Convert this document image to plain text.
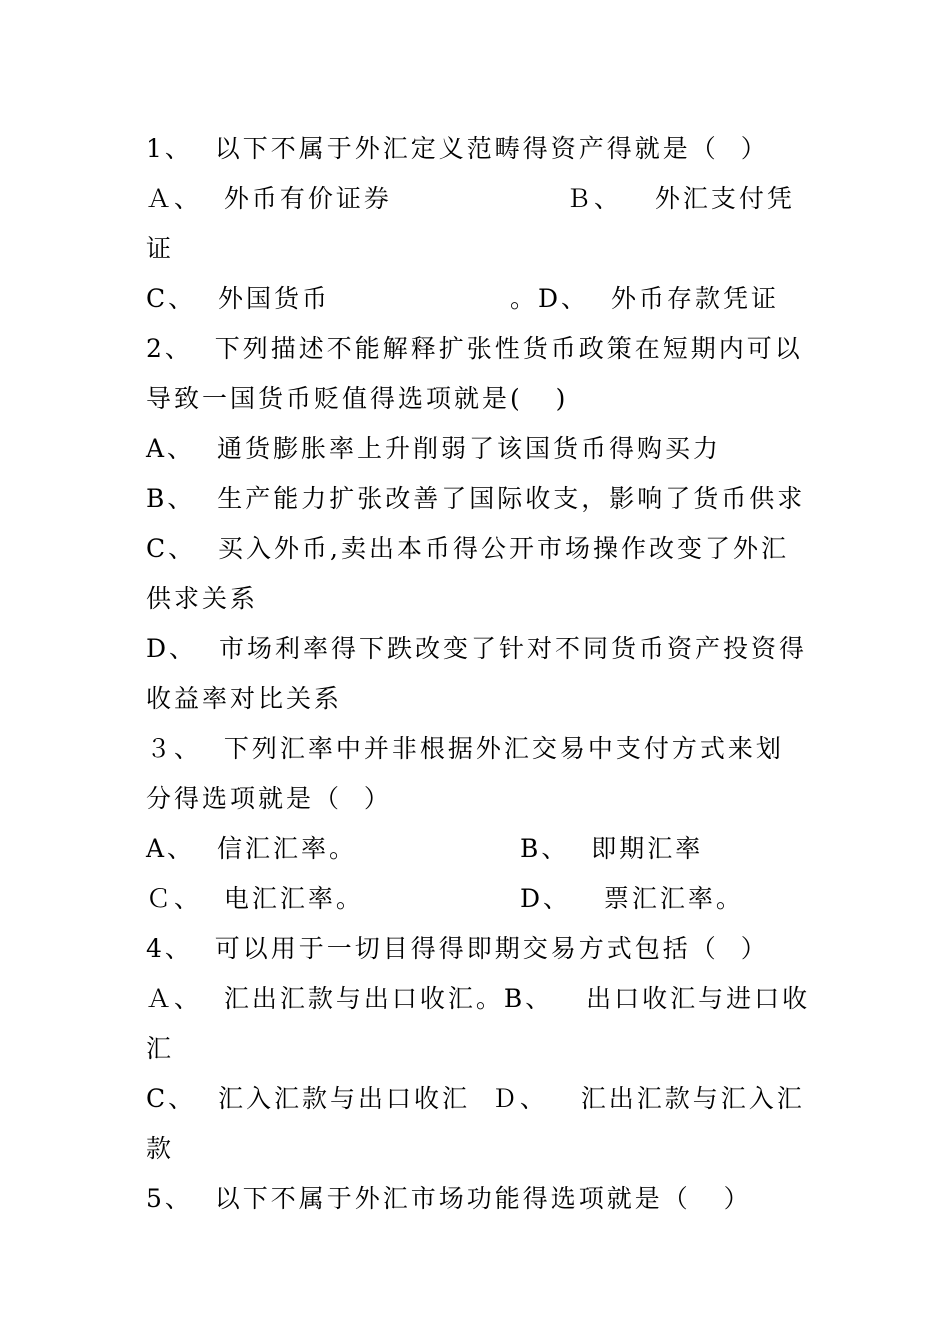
1、  以下不属于外汇定义范畴得资产得就是（  ）

Ａ、  外币有价证券

	Ｂ、   外汇支付凭

证

C、  外国货币

	。D、  外币存款凭证

2、  下列描述不能解释扩张性货币政策在短期内可以
导致一国货币贬值得选项就是(   )
A、  通货膨胀率上升削弱了该国货币得购买力
B、  生产能力扩张改善了国际收支，影响了货币供求
C、  买入外币,卖出本币得公开市场操作改变了外汇
供求关系
D、  市场利率得下跌改变了针对不同货币资产投资得
收益率对比关系
３、  下列汇率中并非根据外汇交易中支付方式来划
分得选项就是（  ）

A、  信汇汇率。

	B、  即期汇率

Ｃ、  电汇汇率。

	D、   票汇汇率。

4、  可以用于一切目得得即期交易方式包括（  ）
Ａ、  汇出汇款与出口收汇。B、   出口收汇与进口收
汇
C、  汇入汇款与出口收汇  Ｄ、   汇出汇款与汇入汇
款
5、  以下不属于外汇市场功能得选项就是（   ）
